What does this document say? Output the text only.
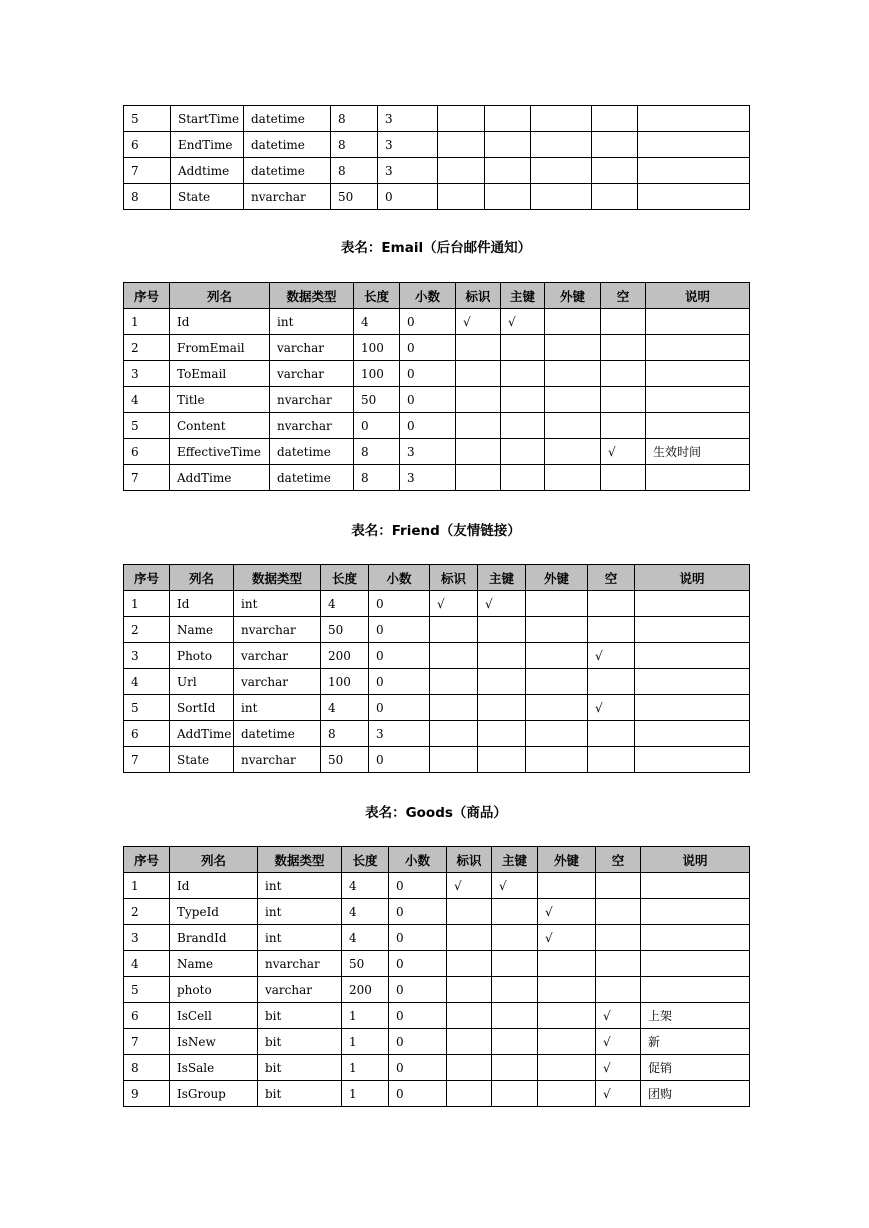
5	StartTime	datetime	8	3					
6	EndTime	datetime	8	3					
7	Addtime	datetime	8	3					
8	State	nvarchar	50	0					
表名：Email（后台邮件通知）
序号	列名	数据类型	长度	小数	标识	主键	外键	空	说明
1	Id	int	4	0	√	√			
2	FromEmail	varchar	100	0					
3	ToEmail	varchar	100	0					
4	Title	nvarchar	50	0					
5	Content	nvarchar	0	0					
6	EffectiveTime	datetime	8	3				√	生效时间
7	AddTime	datetime	8	3					
表名：Friend（友情链接）
序号	列名	数据类型	长度	小数	标识	主键	外键	空	说明
1	Id	int	4	0	√	√			
2	Name	nvarchar	50	0					
3	Photo	varchar	200	0				√	
4	Url	varchar	100	0					
5	SortId	int	4	0				√	
6	AddTime	datetime	8	3					
7	State	nvarchar	50	0					
表名：Goods（商品）
序号	列名	数据类型	长度	小数	标识	主键	外键	空	说明
1	Id	int	4	0	√	√			
2	TypeId	int	4	0			√		
3	BrandId	int	4	0			√		
4	Name	nvarchar	50	0					
5	photo	varchar	200	0					
6	IsCell	bit	1	0				√	上架
7	IsNew	bit	1	0				√	新
8	IsSale	bit	1	0				√	促销
9	IsGroup	bit	1	0				√	团购
